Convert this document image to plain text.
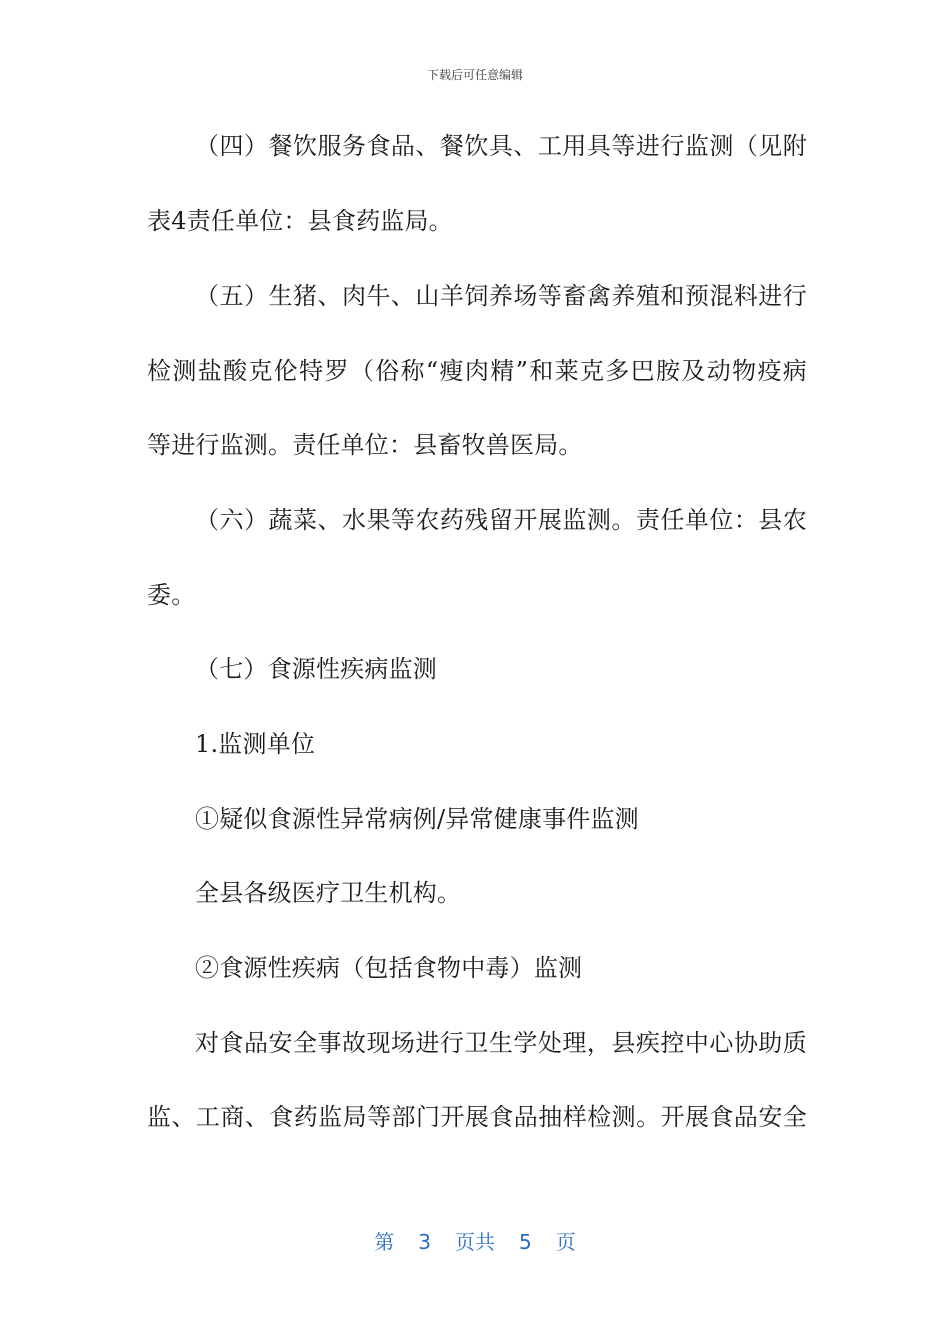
下载后可任意编辑
（四）餐饮服务食品、餐饮具、工用具等进行监测（见附
表4责任单位：县食药监局。
（五）生猪、肉牛、山羊饲养场等畜禽养殖和预混料进行
检测盐酸克伦特罗（俗称“瘦肉精”和莱克多巴胺及动物疫病
等进行监测。责任单位：县畜牧兽医局。
（六）蔬菜、水果等农药残留开展监测。责任单位：县农
委。
（七）食源性疾病监测
1.监测单位
①疑似食源性异常病例/异常健康事件监测
全县各级医疗卫生机构。
②食源性疾病（包括食物中毒）监测
对食品安全事故现场进行卫生学处理，县疾控中心协助质
监、工商、食药监局等部门开展食品抽样检测。开展食品安全
第 3 页共 5 页
